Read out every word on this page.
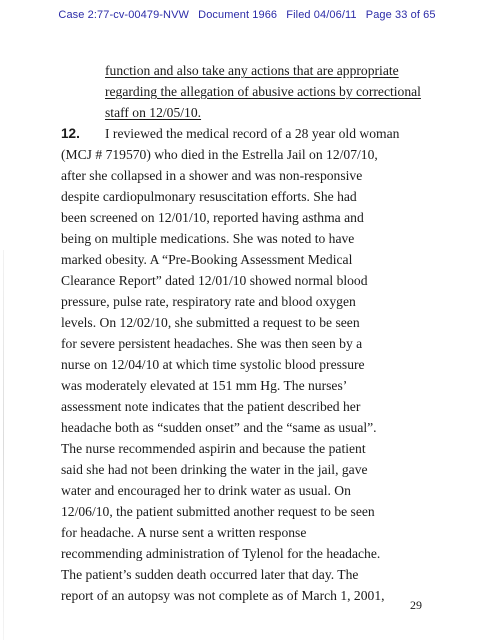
Case 2:77-cv-00479-NVW Document 1966 Filed 04/06/11 Page 33 of 65
function and also take any actions that are appropriate
regarding the allegation of abusive actions by correctional
staff on 12/05/10.
12. I reviewed the medical record of a 28 year old woman
(MCJ # 719570) who died in the Estrella Jail on 12/07/10,
after she collapsed in a shower and was non-responsive
despite cardiopulmonary resuscitation efforts. She had
been screened on 12/01/10, reported having asthma and
being on multiple medications. She was noted to have
marked obesity. A “Pre-Booking Assessment Medical
Clearance Report” dated 12/01/10 showed normal blood
pressure, pulse rate, respiratory rate and blood oxygen
levels. On 12/02/10, she submitted a request to be seen
for severe persistent headaches. She was then seen by a
nurse on 12/04/10 at which time systolic blood pressure
was moderately elevated at 151 mm Hg. The nurses’
assessment note indicates that the patient described her
headache both as “sudden onset” and the “same as usual”.
The nurse recommended aspirin and because the patient
said she had not been drinking the water in the jail, gave
water and encouraged her to drink water as usual. On
12/06/10, the patient submitted another request to be seen
for headache. A nurse sent a written response
recommending administration of Tylenol for the headache.
The patient’s sudden death occurred later that day. The
report of an autopsy was not complete as of March 1, 2001,
29
